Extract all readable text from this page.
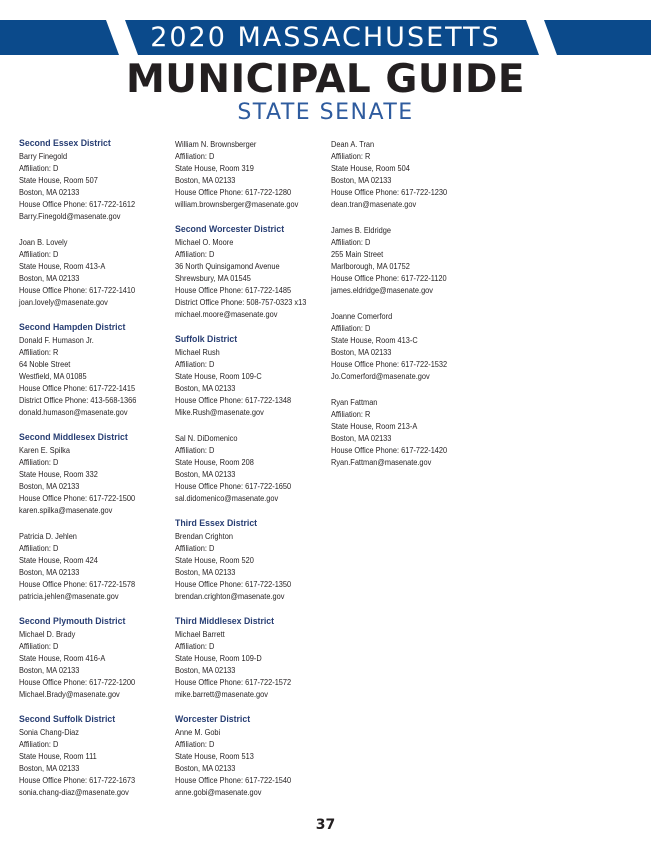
2020 MASSACHUSETTS
MUNICIPAL GUIDE
STATE SENATE
Second Essex District
Barry Finegold
Affiliation: D
State House, Room 507
Boston, MA 02133
House Office Phone: 617-722-1612
Barry.Finegold@masenate.gov
Joan B. Lovely
Affiliation: D
State House, Room 413-A
Boston, MA 02133
House Office Phone: 617-722-1410
joan.lovely@masenate.gov
Second Hampden District
Donald F. Humason Jr.
Affiliation: R
64 Noble Street
Westfield, MA 01085
House Office Phone: 617-722-1415
District Office Phone: 413-568-1366
donald.humason@masenate.gov
Second Middlesex District
Karen E. Spilka
Affiliation: D
State House, Room 332
Boston, MA 02133
House Office Phone: 617-722-1500
karen.spilka@masenate.gov
Patricia D. Jehlen
Affiliation: D
State House, Room 424
Boston, MA 02133
House Office Phone: 617-722-1578
patricia.jehlen@masenate.gov
Second Plymouth District
Michael D. Brady
Affiliation: D
State House, Room 416-A
Boston, MA 02133
House Office Phone: 617-722-1200
Michael.Brady@masenate.gov
Second Suffolk District
Sonia Chang-Diaz
Affiliation: D
State House, Room 111
Boston, MA 02133
House Office Phone: 617-722-1673
sonia.chang-diaz@masenate.gov
William N. Brownsberger
Affiliation: D
State House, Room 319
Boston, MA 02133
House Office Phone: 617-722-1280
william.brownsberger@masenate.gov
Second Worcester District
Michael O. Moore
Affiliation: D
36 North Quinsigamond Avenue
Shrewsbury, MA 01545
House Office Phone: 617-722-1485
District Office Phone: 508-757-0323 x13
michael.moore@masenate.gov
Suffolk District
Michael Rush
Affiliation: D
State House, Room 109-C
Boston, MA 02133
House Office Phone: 617-722-1348
Mike.Rush@masenate.gov
Sal N. DiDomenico
Affiliation: D
State House, Room 208
Boston, MA 02133
House Office Phone: 617-722-1650
sal.didomenico@masenate.gov
Third Essex District
Brendan Crighton
Affiliation: D
State House, Room 520
Boston, MA 02133
House Office Phone: 617-722-1350
brendan.crighton@masenate.gov
Third Middlesex District
Michael Barrett
Affiliation: D
State House, Room 109-D
Boston, MA 02133
House Office Phone: 617-722-1572
mike.barrett@masenate.gov
Worcester District
Anne M. Gobi
Affiliation: D
State House, Room 513
Boston, MA 02133
House Office Phone: 617-722-1540
anne.gobi@masenate.gov
Dean A. Tran
Affiliation: R
State House, Room 504
Boston, MA 02133
House Office Phone: 617-722-1230
dean.tran@masenate.gov
James B. Eldridge
Affiliation: D
255 Main Street
Marlborough, MA 01752
House Office Phone: 617-722-1120
james.eldridge@masenate.gov
Joanne Comerford
Affiliation: D
State House, Room 413-C
Boston, MA 02133
House Office Phone: 617-722-1532
Jo.Comerford@masenate.gov
Ryan Fattman
Affiliation: R
State House, Room 213-A
Boston, MA 02133
House Office Phone: 617-722-1420
Ryan.Fattman@masenate.gov
37
